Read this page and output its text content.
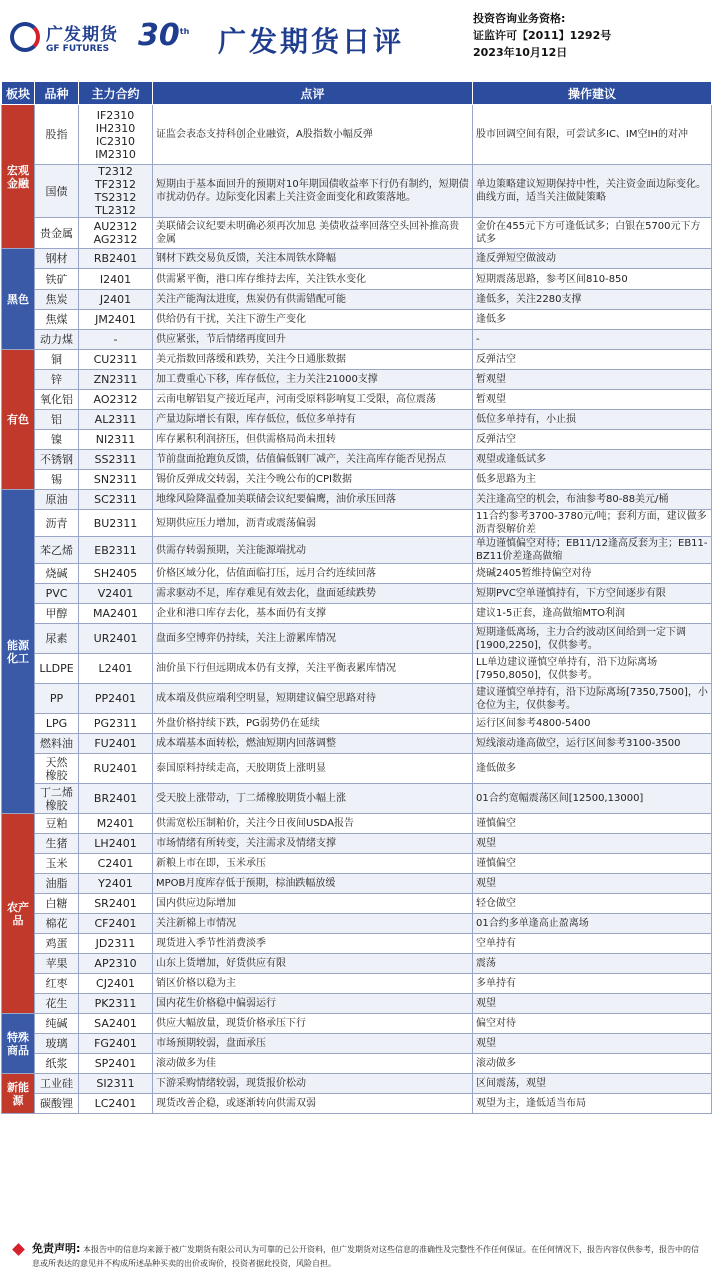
广发期货
GF FUTURES 30th 广发期货日评
投资咨询业务资格:
证监许可【2011】1292号
2023年10月12日
板块	品种	主力合约	点评	操作建议
宏观
金融	股指	IF2310
IH2310
IC2310
IM2310	证监会表态支持科创企业融资，A股指数小幅反弹	股市回调空间有限，可尝试多IC、IM空IH的对冲
	国债	T2312
TF2312
TS2312
TL2312	短期由于基本面回升的预期对10年期国债收益率下行仍有制约，短期债市扰动仍存。边际变化因素上关注资金面变化和政策落地。	单边策略建议短期保持中性，关注资金面边际变化。曲线方面，适当关注做陡策略
	贵金属	AU2312
AG2312	美联储会议纪要未明确必须再次加息 美债收益率回落空头回补推高贵金属	金价在455元下方可逢低试多；白银在5700元下方试多
黑色	钢材	RB2401	钢材下跌交易负反馈，关注本周铁水降幅	逢反弹短空做波动
	铁矿	I2401	供需紧平衡，港口库存维持去库，关注铁水变化	短期震荡思路，参考区间810-850
	焦炭	J2401	关注产能淘汰进度，焦炭仍有供需错配可能	逢低多，关注2280支撑
	焦煤	JM2401	供给仍有干扰，关注下游生产变化	逢低多
	动力煤	-	供应紧张，节后情绪再度回升	-
有色	铜	CU2311	美元指数回落缓和跌势，关注今日通胀数据	反弹沽空
	锌	ZN2311	加工费重心下移，库存低位，主力关注21000支撑	暂观望
	氧化铝	AO2312	云南电解铝复产接近尾声，河南受原料影响复工受限，高位震荡	暂观望
	铝	AL2311	产量边际增长有限，库存低位，低位多单持有	低位多单持有，小止损
	镍	NI2311	库存累积利润挤压，但供需格局尚未扭转	反弹沽空
	不锈钢	SS2311	节前盘面抢跑负反馈，估值偏低钢厂减产，关注高库存能否见拐点	观望或逢低试多
	锡	SN2311	锡价反弹成交转弱，关注今晚公布的CPI数据	低多思路为主
能源
化工	原油	SC2311	地缘风险降温叠加美联储会议纪要偏鹰，油价承压回落	关注逢高空的机会，布油参考80-88美元/桶
	沥青	BU2311	短期供应压力增加，沥青或震荡偏弱	11合约参考3700-3780元/吨；套利方面，建议做多沥青裂解价差
	苯乙烯	EB2311	供需存转弱预期，关注能源端扰动	单边谨慎偏空对待；EB11/12逢高反套为主；EB11-BZ11价差逢高做缩
	烧碱	SH2405	价格区域分化，估值面临打压，远月合约连续回落	烧碱2405暂维持偏空对待
	PVC	V2401	需求驱动不足，库存难见有效去化，盘面延续跌势	短期PVC空单谨慎持有，下方空间逐步有限
	甲醇	MA2401	企业和港口库存去化，基本面仍有支撑	建议1-5正套，逢高做缩MTO利润
	尿素	UR2401	盘面多空博弈仍持续，关注上游累库情况	短期逢低离场，主力合约波动区间给到一定下调[1900,2250]，仅供参考。
	LLDPE	L2401	油价虽下行但远期成本仍有支撑，关注平衡表累库情况	LL单边建议谨慎空单持有，沿下边际离场[7950,8050]，仅供参考。
	PP	PP2401	成本端及供应端利空明显，短期建议偏空思路对待	建议谨慎空单持有，沿下边际离场[7350,7500]，小仓位为主，仅供参考。
	LPG	PG2311	外盘价格持续下跌，PG弱势仍在延续	运行区间参考4800-5400
	燃料油	FU2401	成本端基本面转松，燃油短期内回落调整	短线滚动逢高做空，运行区间参考3100-3500
	天然
橡胶	RU2401	泰国原料持续走高，天胶期货上涨明显	逢低做多
	丁二烯
橡胶	BR2401	受天胶上涨带动，丁二烯橡胶期货小幅上涨	01合约宽幅震荡区间[12500,13000]
农产品	豆粕	M2401	供需宽松压制粕价，关注今日夜间USDA报告	谨慎偏空
	生猪	LH2401	市场情绪有所转变，关注需求及情绪支撑	观望
	玉米	C2401	新粮上市在即，玉米承压	谨慎偏空
	油脂	Y2401	MPOB月度库存低于预期，棕油跌幅放缓	观望
	白糖	SR2401	国内供应边际增加	轻仓做空
	棉花	CF2401	关注新棉上市情况	01合约多单逢高止盈离场
	鸡蛋	JD2311	现货进入季节性消费淡季	空单持有
	苹果	AP2310	山东上货增加，好货供应有限	震荡
	红枣	CJ2401	销区价格以稳为主	多单持有
	花生	PK2311	国内花生价格稳中偏弱运行	观望
特殊
商品	纯碱	SA2401	供应大幅放量，现货价格承压下行	偏空对待
	玻璃	FG2401	市场预期较弱，盘面承压	观望
	纸浆	SP2401	滚动做多为佳	滚动做多
新能源	工业硅	SI2311	下游采购情绪较弱，现货报价松动	区间震荡，观望
	碳酸锂	LC2401	现货改善企稳，或逐渐转向供需双弱	观望为主，逢低适当布局
免责声明: 本报告中的信息均来源于被广发期货有限公司认为可靠的已公开资料，但广发期货对这些信息的准确性及完整性不作任何保证。在任何情况下，报告内容仅供参考，报告中的信息或所表达的意见并不构成所述品种买卖的出价或询价，投资者据此投资，风险自担。
